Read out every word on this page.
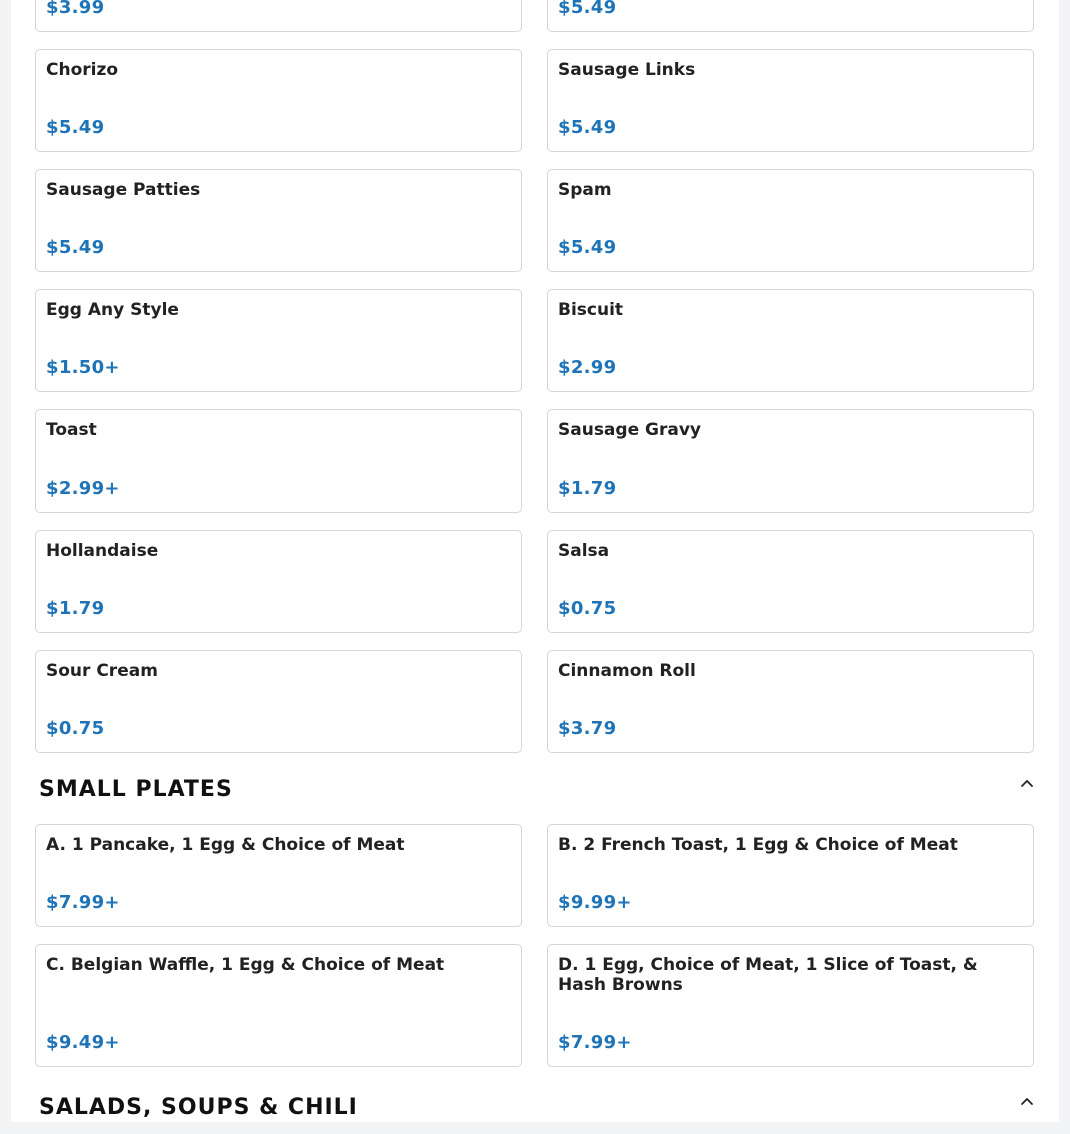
$3.99	$5.49
Chorizo
$5.49
Sausage Links
$5.49
Sausage Patties
$5.49
Spam
$5.49
Egg Any Style
$1.50+
Biscuit
$2.99
Toast
$2.99+
Sausage Gravy
$1.79
Hollandaise
$1.79
Salsa
$0.75
Sour Cream
$0.75
Cinnamon Roll
$3.79
SMALL PLATES
A. 1 Pancake, 1 Egg & Choice of Meat
$7.99+
B. 2 French Toast, 1 Egg & Choice of Meat
$9.99+
C. Belgian Waffle, 1 Egg & Choice of Meat
$9.49+
D. 1 Egg, Choice of Meat, 1 Slice of Toast, & Hash Browns
$7.99+
SALADS, SOUPS & CHILI
